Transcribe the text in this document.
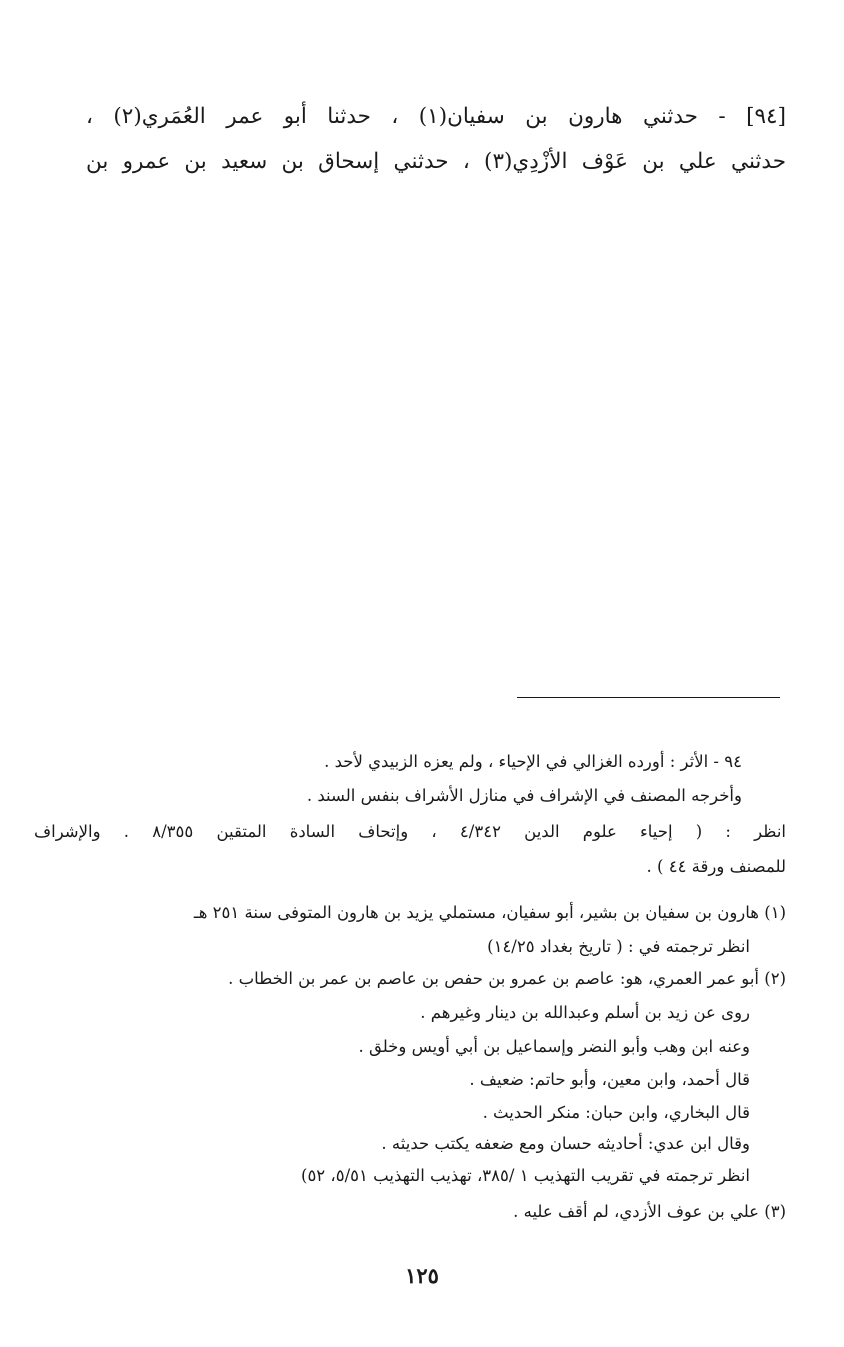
[٩٤] - حدثني هارون بن سفيان(١) ، حدثنا أبو عمر العُمَري(٢) ،
حدثني علي بن عَوْف الأزْدِي(٣) ، حدثني إسحاق بن سعيد بن عمرو بن
٩٤ - الأثر : أورده الغزالي في الإحياء ، ولم يعزه الزبيدي لأحد .
وأخرجه المصنف في الإشراف في منازل الأشراف بنفس السند .
انظر : ( إحياء علوم الدين ٤/٣٤٢ ، وإتحاف السادة المتقين ٨/٣٥٥ . والإشراف
للمصنف ورقة ٤٤ ) .
(١) هارون بن سفيان بن بشير، أبو سفيان، مستملي يزيد بن هارون المتوفى سنة ٢٥١ هـ
انظر ترجمته في : ( تاريخ بغداد ١٤/٢٥)
(٢) أبو عمر العمري، هو: عاصم بن عمرو بن حفص بن عاصم بن عمر بن الخطاب .
روى عن زيد بن أسلم وعبدالله بن دينار وغيرهم .
وعنه ابن وهب وأبو النضر وإسماعيل بن أبي أويس وخلق .
قال أحمد، وابن معين، وأبو حاتم: ضعيف .
قال البخاري، وابن حبان: منكر الحديث .
وقال ابن عدي: أحاديثه حسان ومع ضعفه يكتب حديثه .
انظر ترجمته في تقريب التهذيب ١ /٣٨٥، تهذيب التهذيب ٥/٥١، ٥٢)
(٣) علي بن عوف الأزدي، لم أقف عليه .
١٢٥
